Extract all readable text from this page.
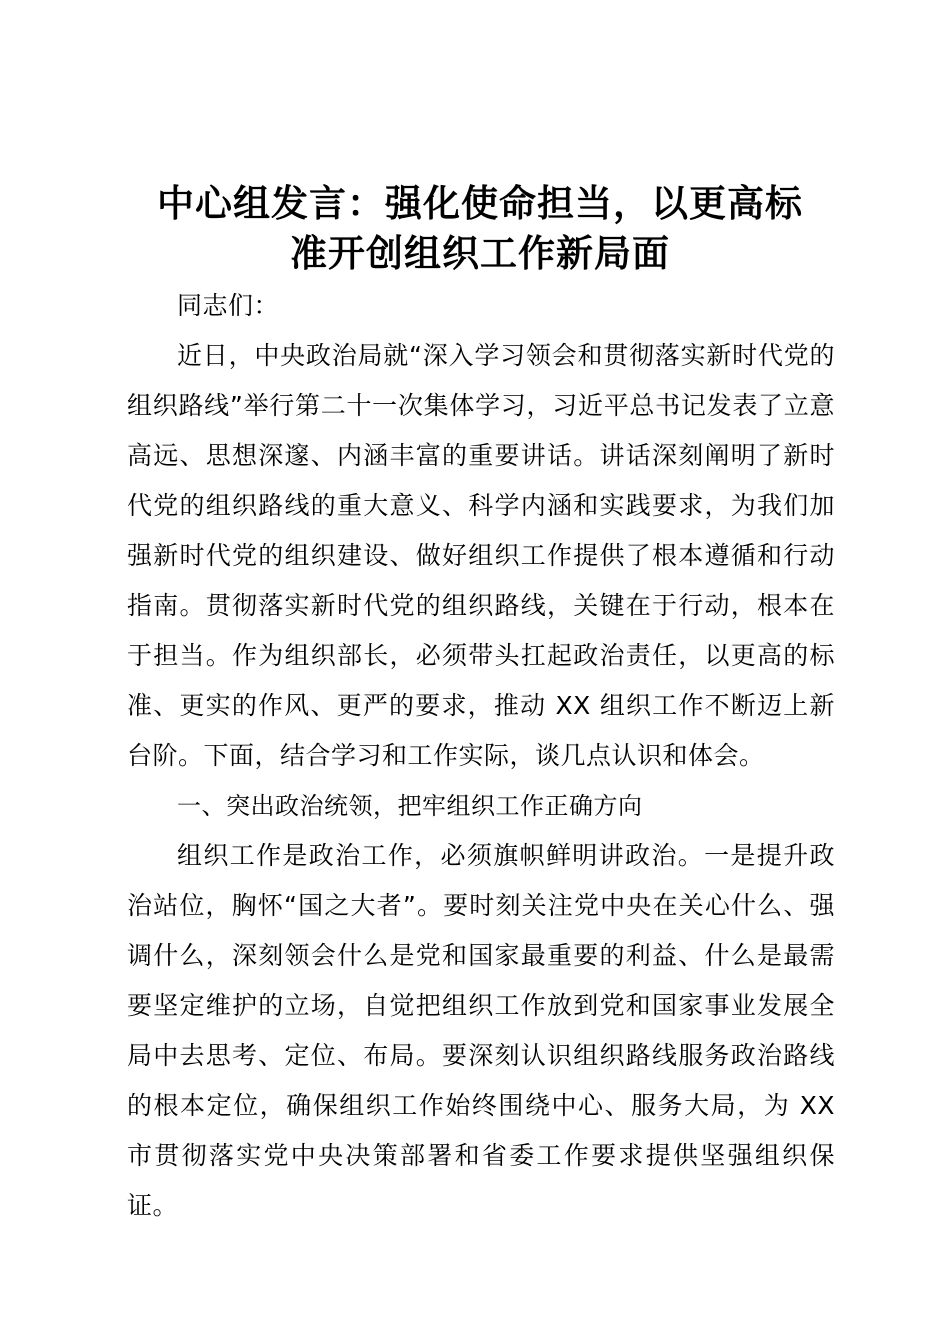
中心组发言：强化使命担当，以更高标
准开创组织工作新局面

同志们：

近日，中央政治局就“深入学习领会和贯彻落实新时代党的组织路线”举行第二十一次集体学习，习近平总书记发表了立意高远、思想深邃、内涵丰富的重要讲话。讲话深刻阐明了新时代党的组织路线的重大意义、科学内涵和实践要求，为我们加强新时代党的组织建设、做好组织工作提供了根本遵循和行动指南。贯彻落实新时代党的组织路线，关键在于行动，根本在于担当。作为组织部长，必须带头扛起政治责任，以更高的标准、更实的作风、更严的要求，推动 XX 组织工作不断迈上新台阶。下面，结合学习和工作实际，谈几点认识和体会。

一、突出政治统领，把牢组织工作正确方向

组织工作是政治工作，必须旗帜鲜明讲政治。一是提升政治站位，胸怀“国之大者”。要时刻关注党中央在关心什么、强调什么，深刻领会什么是党和国家最重要的利益、什么是最需要坚定维护的立场，自觉把组织工作放到党和国家事业发展全局中去思考、定位、布局。要深刻认识组织路线服务政治路线的根本定位，确保组织工作始终围绕中心、服务大局，为 XX 市贯彻落实党中央决策部署和省委工作要求提供坚强组织保证。
